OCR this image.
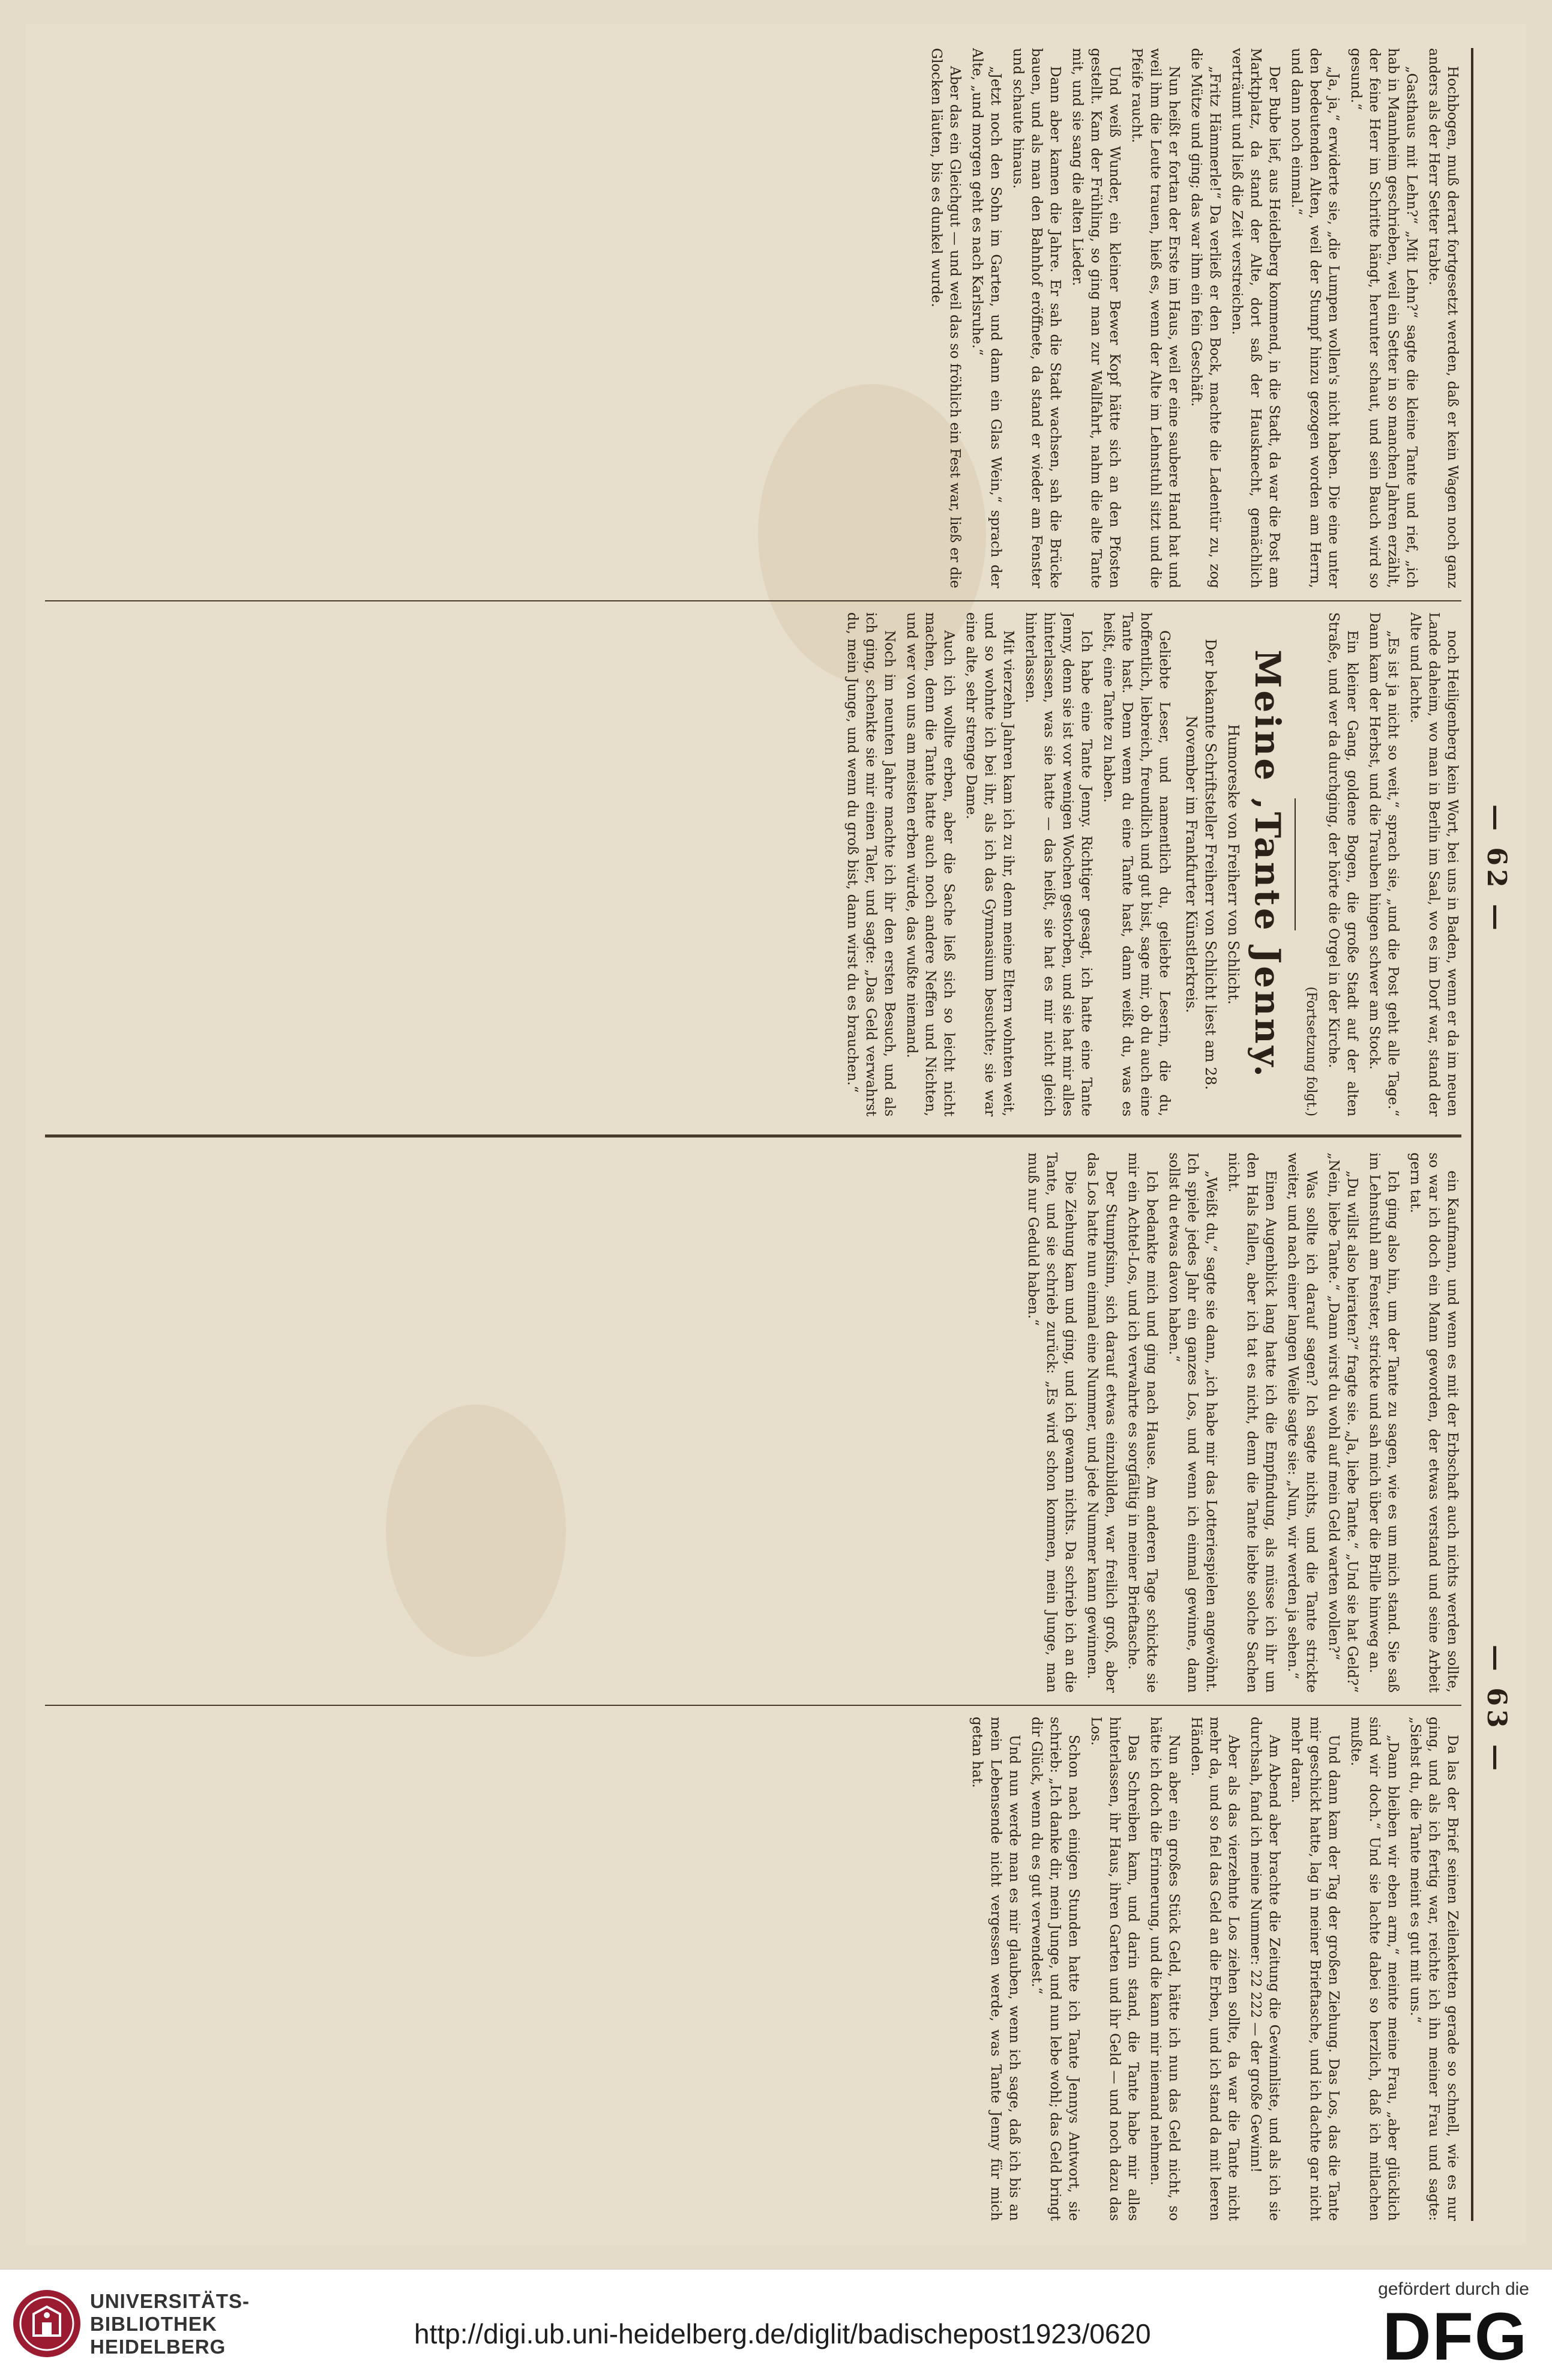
— 62 —
— 63 —

Hochbogen, muß derart fortgesetzt werden, daß er kein Wagen noch ganz anders als der Herr Setter trabte.

„Gasthaus mit Lehn?“ „Mit Lehn?“ sagte die kleine Tante und rief, „ich hab in Mannheim geschrieben, weil ein Setter in so manchen Jahren erzählt, der feine Herr im Schritte hängt, herunter schaut, und sein Bauch wird so gesund.“

„Ja, ja,“ erwiderte sie, „die Lumpen wollen's nicht haben. Die eine unter den bedeutenden Alten, weil der Stumpf hinzu gezogen worden am Herrn, und dann noch einmal.“

Der Bube lief, aus Heidelberg kommend, in die Stadt, da war die Post am Marktplatz, da stand der Alte, dort saß der Hausknecht, gemächlich verträumt und ließ die Zeit verstreichen.

„Fritz Hämmerle!“ Da verließ er den Bock, machte die Ladentür zu, zog die Mütze und ging; das war ihm ein fein Geschäft.

Nun heißt er fortan der Erste im Haus, weil er eine saubere Hand hat und weil ihm die Leute trauen, hieß es, wenn der Alte im Lehnstuhl sitzt und die Pfeife raucht.

Und weiß Wunder, ein kleiner Bewer Kopf hätte sich an den Pfosten gestellt. Kam der Frühling, so ging man zur Wallfahrt, nahm die alte Tante mit, und sie sang die alten Lieder.

Dann aber kamen die Jahre. Er sah die Stadt wachsen, sah die Brücke bauen, und als man den Bahnhof eröffnete, da stand er wieder am Fenster und schaute hinaus.

„Jetzt noch den Sohn im Garten, und dann ein Glas Wein,“ sprach der Alte, „und morgen geht es nach Karlsruhe.“

Aber das ein Gleichgut — und weil das so fröhlich ein Fest war, ließ er die Glocken läuten, bis es dunkel wurde.

noch Heiligenberg kein Wort, bei uns in Baden, wenn er da im neuen Lande daheim, wo man in Berlin im Saal, wo es im Dorf war, stand der Alte und lachte.

„Es ist ja nicht so weit,“ sprach sie, „und die Post geht alle Tage.“ Dann kam der Herbst, und die Trauben hingen schwer am Stock.

Ein kleiner Gang, goldene Bogen, die große Stadt auf der alten Straße, und wer da durchging, der hörte die Orgel in der Kirche.

(Fortsetzung folgt.)
Meine ‚Tante Jenny.
Humoreske von Freiherr von Schlicht.
Der bekannte Schriftsteller Freiherr von Schlicht liest am 28. November im Frankfurter Künstlerkreis.

Geliebte Leser, und namentlich du, geliebte Leserin, die du, hoffentlich, liebreich, freundlich und gut bist, sage mir, ob du auch eine Tante hast. Denn wenn du eine Tante hast, dann weißt du, was es heißt, eine Tante zu haben.

Ich habe eine Tante Jenny. Richtiger gesagt, ich hatte eine Tante Jenny, denn sie ist vor wenigen Wochen gestorben, und sie hat mir alles hinterlassen, was sie hatte — das heißt, sie hat es mir nicht gleich hinterlassen.

Mit vierzehn Jahren kam ich zu ihr, denn meine Eltern wohnten weit, und so wohnte ich bei ihr, als ich das Gymnasium besuchte; sie war eine alte, sehr strenge Dame.

Auch ich wollte erben, aber die Sache ließ sich so leicht nicht machen, denn die Tante hatte auch noch andere Neffen und Nichten, und wer von uns am meisten erben würde, das wußte niemand.

Noch im neunten Jahre machte ich ihr den ersten Besuch, und als ich ging, schenkte sie mir einen Taler, und sagte: „Das Geld verwahrst du, mein Junge, und wenn du groß bist, dann wirst du es brauchen.“

ein Kaufmann, und wenn es mit der Erbschaft auch nichts werden sollte, so war ich doch ein Mann geworden, der etwas verstand und seine Arbeit gern tat.

Ich ging also hin, um der Tante zu sagen, wie es um mich stand. Sie saß im Lehnstuhl am Fenster, strickte und sah mich über die Brille hinweg an.

„Du willst also heiraten?“ fragte sie. „Ja, liebe Tante.“ „Und sie hat Geld?“ „Nein, liebe Tante.“ „Dann wirst du wohl auf mein Geld warten wollen?“

Was sollte ich darauf sagen? Ich sagte nichts, und die Tante strickte weiter, und nach einer langen Weile sagte sie: „Nun, wir werden ja sehen.“

Einen Augenblick lang hatte ich die Empfindung, als müsse ich ihr um den Hals fallen, aber ich tat es nicht, denn die Tante liebte solche Sachen nicht.

„Weißt du,“ sagte sie dann, „ich habe mir das Lotteriespielen angewöhnt. Ich spiele jedes Jahr ein ganzes Los, und wenn ich einmal gewinne, dann sollst du etwas davon haben.“

Ich bedankte mich und ging nach Hause. Am anderen Tage schickte sie mir ein Achtel-Los, und ich verwahrte es sorgfältig in meiner Brieftasche.

Der Stumpfsinn, sich darauf etwas einzubilden, war freilich groß, aber das Los hatte nun einmal eine Nummer, und jede Nummer kann gewinnen.

Die Ziehung kam und ging, und ich gewann nichts. Da schrieb ich an die Tante, und sie schrieb zurück: „Es wird schon kommen, mein Junge, man muß nur Geduld haben.“

Da las der Brief seinen Zeilenketten gerade so schnell, wie es nur ging, und als ich fertig war, reichte ich ihn meiner Frau und sagte: „Siehst du, die Tante meint es gut mit uns.“

„Dann bleiben wir eben arm,“ meinte meine Frau, „aber glücklich sind wir doch.“ Und sie lachte dabei so herzlich, daß ich mitlachen mußte.

Und dann kam der Tag der großen Ziehung. Das Los, das die Tante mir geschickt hatte, lag in meiner Brieftasche, und ich dachte gar nicht mehr daran.

Am Abend aber brachte die Zeitung die Gewinnliste, und als ich sie durchsah, fand ich meine Nummer: 22 222 — der große Gewinn!

Aber als das vierzehnte Los ziehen sollte, da war die Tante nicht mehr da, und so fiel das Geld an die Erben, und ich stand da mit leeren Händen.

Nun aber ein großes Stück Geld, hätte ich nun das Geld nicht, so hätte ich doch die Erinnerung, und die kann mir niemand nehmen.

Das Schreiben kam, und darin stand, die Tante habe mir alles hinterlassen, ihr Haus, ihren Garten und ihr Geld — und noch dazu das Los.

Schon nach einigen Stunden hatte ich Tante Jennys Antwort, sie schrieb: „Ich danke dir, mein Junge, und nun lebe wohl; das Geld bringt dir Glück, wenn du es gut verwendest.“

Und nun werde man es mir glauben, wenn ich sage, daß ich bis an mein Lebensende nicht vergessen werde, was Tante Jenny für mich getan hat.

UNIVERSITÄTS-
BIBLIOTHEK
HEIDELBERG	http://digi.ub.uni-heidelberg.de/diglit/badischepost1923/0620
gefördert durch die
DFG
